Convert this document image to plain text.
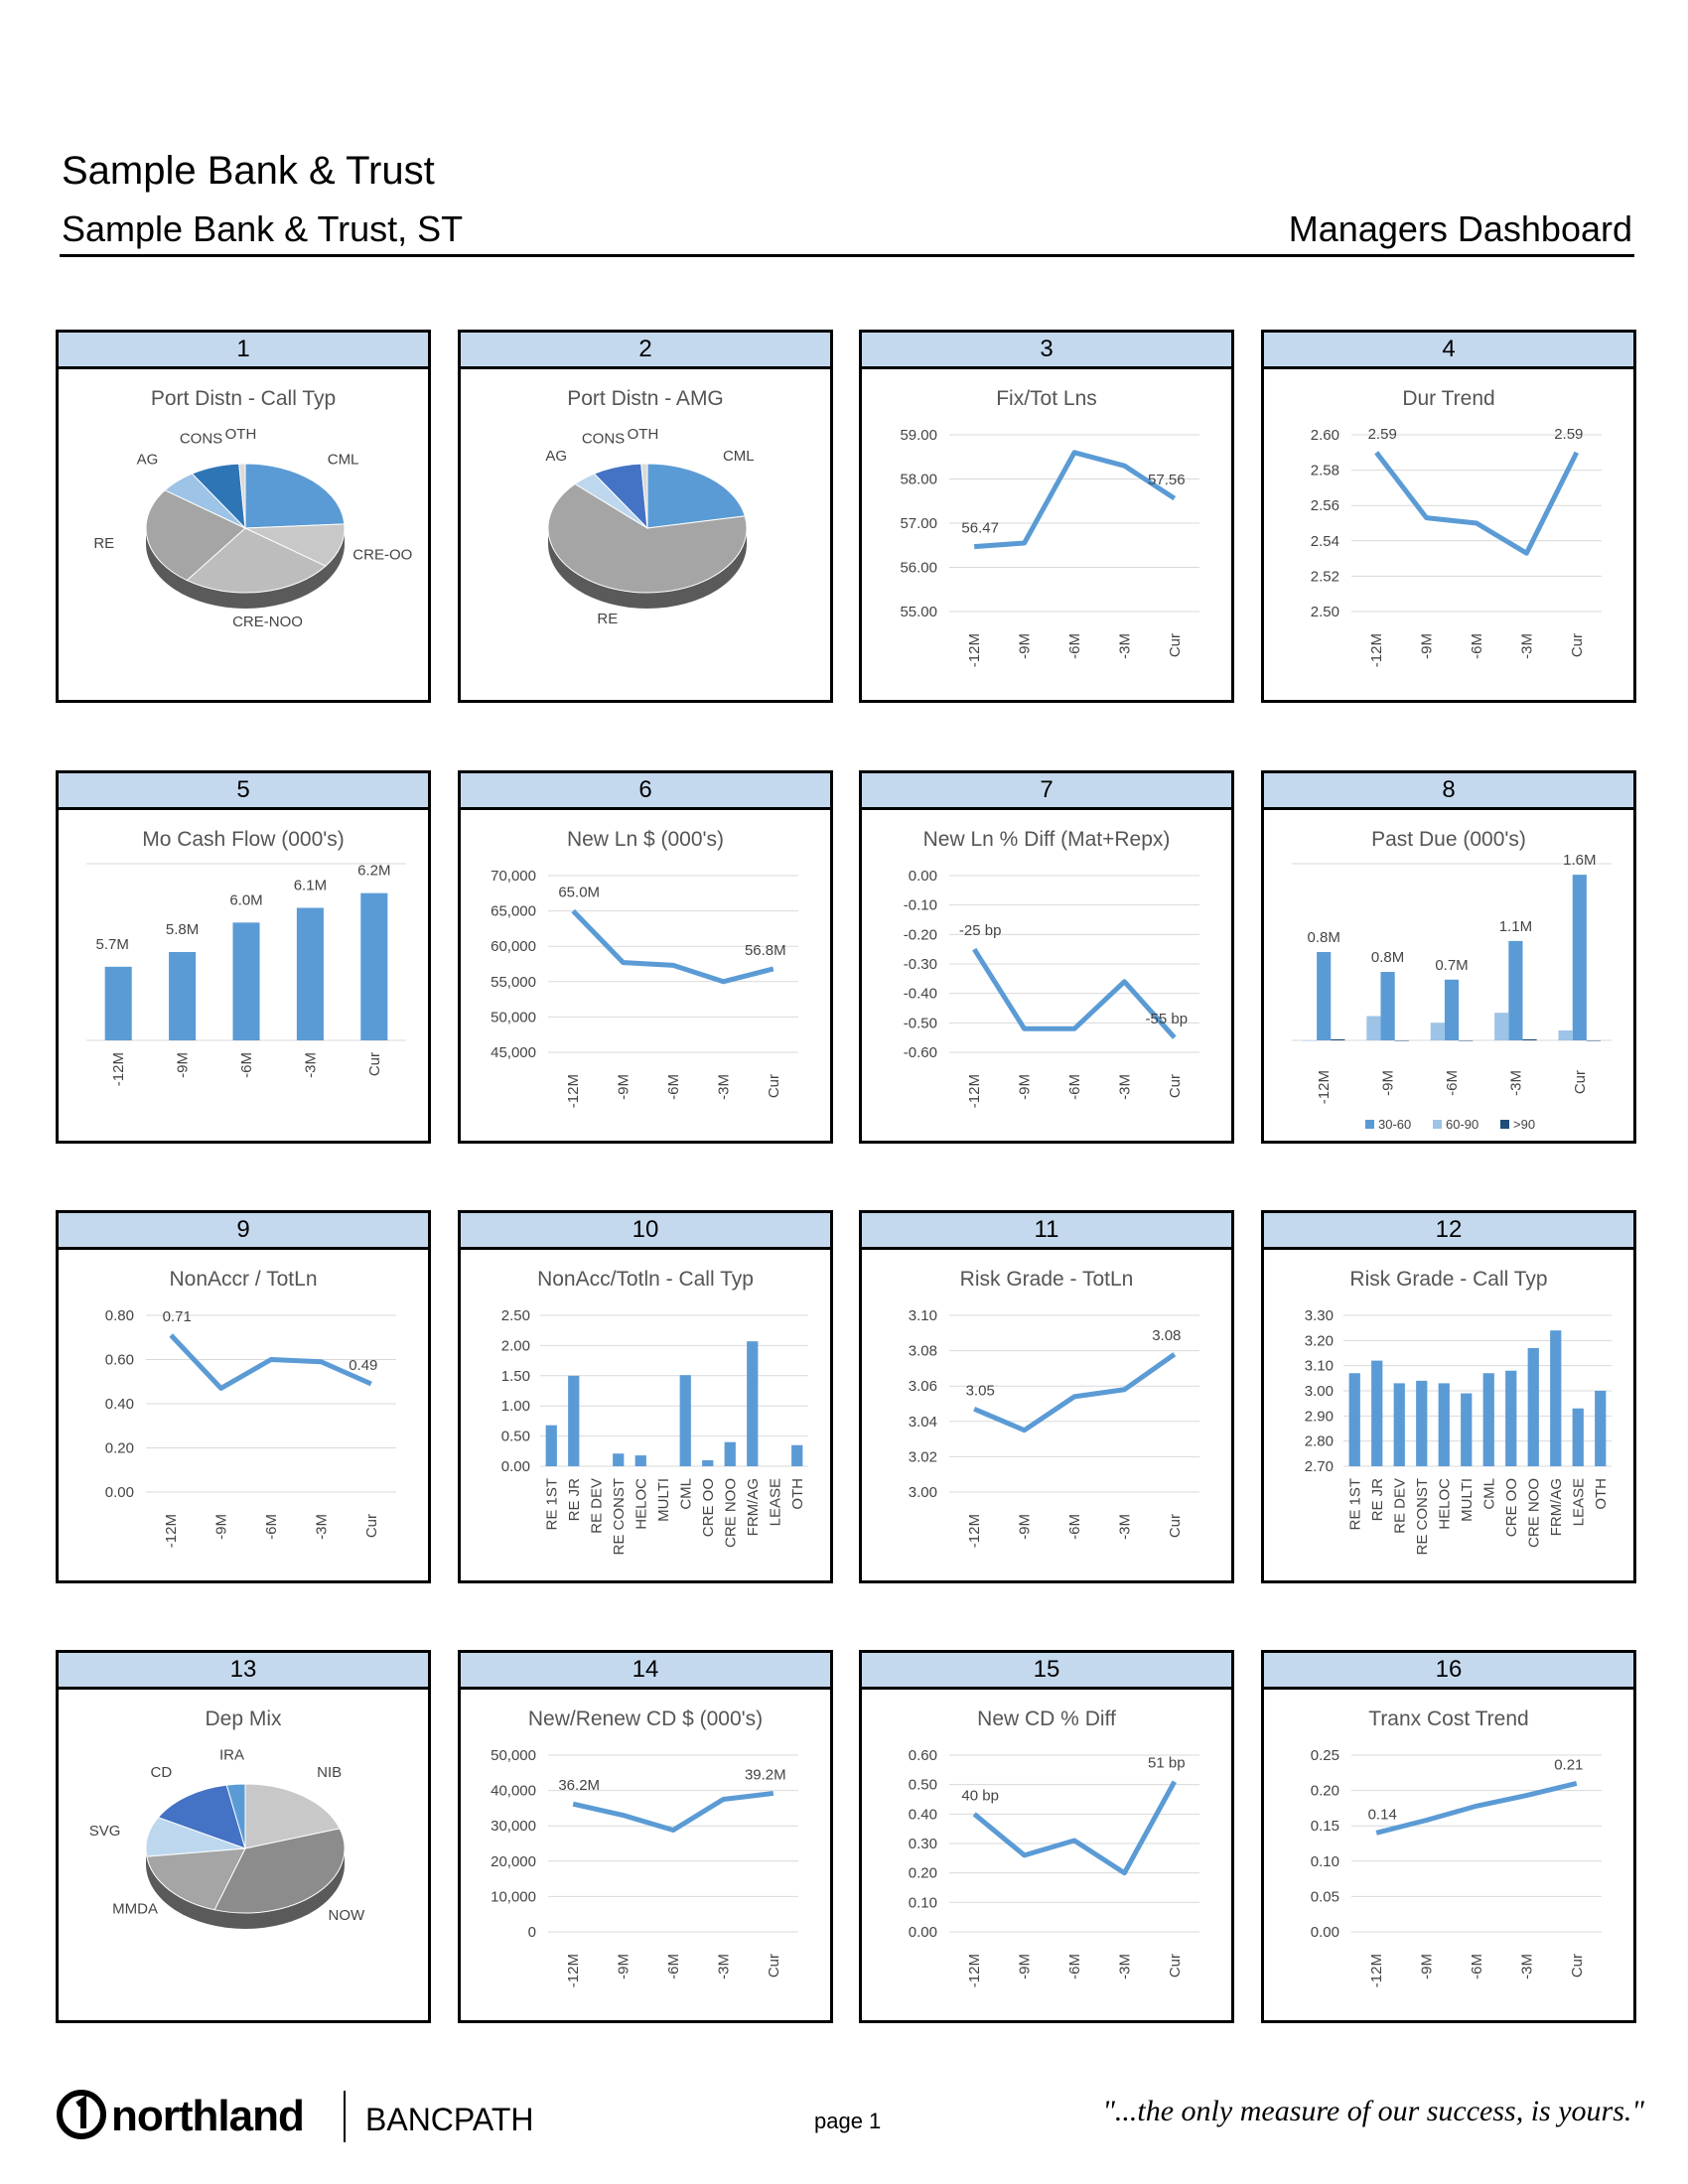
Sample Bank & Trust
Sample Bank & Trust, ST	Managers Dashboard
1
Port Distn - Call Typ
CML
CRE-OO
CRE-NOO
RE
AG
CONS OTH
2
Port Distn - AMG
CML
RE
AG
CONS OTH
3
Fix/Tot Lns
55.00
56.00
57.00
58.00
59.00
-12M -9M -6M -3M Cur
56.47
57.56
4
Dur Trend
2.50
2.52
2.54
2.56
2.58
2.60
-12M -9M -6M -3M Cur
2.59	2.59
5
Mo Cash Flow (000's)
5.7M
5.8M
6.0M
6.1M
6.2M
-12M	-9M	-6M	-3M	Cur
6
New Ln $ (000's)
45,000
50,000
55,000
60,000
65,000
70,000
-12M -9M -6M -3M Cur
65.0M
56.8M
7
New Ln % Diff (Mat+Repx)
-0.60
-0.50
-0.40
-0.30
-0.20
-0.10
0.00
-12M -9M -6M -3M Cur
-25 bp
-55 bp
8
Past Due (000's)
0.8M
0.8M 0.7M
1.1M
1.6M
-12M	-9M	-6M	-3M	Cur
30-60	60-90	>90
9
NonAccr / TotLn
0.00
0.20
0.40
0.60
0.80
-12M -9M -6M -3M Cur
0.71
0.49
10
NonAcc/Totln - Call Typ
0.00
0.50
1.00
1.50
2.00
2.50
RE 1ST RE JR RE DEV RE CONST HELOC MULTI CML CRE OO CRE NOO FRM/AG LEASE OTH
11
Risk Grade - TotLn
3.00
3.02
3.04
3.06
3.08
3.10
-12M -9M -6M -3M Cur
3.05
3.08
12
Risk Grade - Call Typ
2.70
2.80
2.90
3.00
3.10
3.20
3.30
RE 1ST RE JR RE DEV RE CONST HELOC MULTI CML CRE OO CRE NOO FRM/AG LEASE OTH
13
Dep Mix
NIB
NOW
MMDA
SVG
CD
IRA
14
New/Renew CD $ (000's)
0
10,000
20,000
30,000
40,000
50,000
-12M -9M -6M -3M Cur
36.2M
39.2M
15
New CD % Diff
0.00
0.10
0.20
0.30
0.40
0.50
0.60
-12M -9M -6M -3M Cur
40 bp
51 bp
16
Tranx Cost Trend
0.00
0.05
0.10
0.15
0.20
0.25
-12M -9M -6M -3M Cur
0.14
0.21
northland BANCPATH	page 1	"...the only measure of our success, is yours."
